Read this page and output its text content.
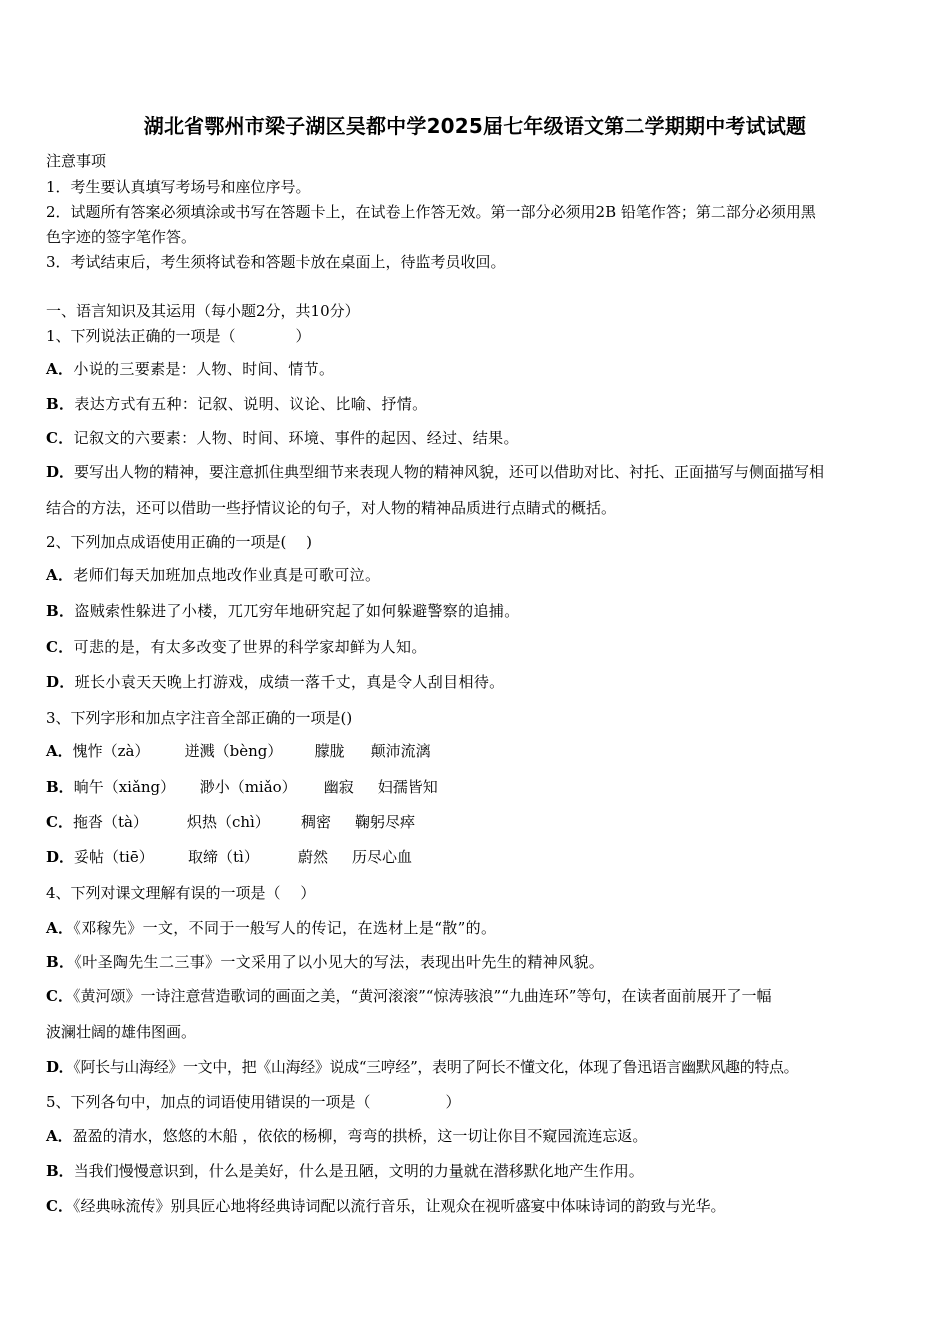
湖北省鄂州市梁子湖区吴都中学2025届七年级语文第二学期期中考试试题
注意事项
1．考生要认真填写考场号和座位序号。
2．试题所有答案必须填涂或书写在答题卡上，在试卷上作答无效。第一部分必须用2B 铅笔作答；第二部分必须用黑
色字迹的签字笔作答。
3．考试结束后，考生须将试卷和答题卡放在桌面上，待监考员收回。
一、语言知识及其运用（每小题2分，共10分）
1、下列说法正确的一项是（　　　　）
A．小说的三要素是：人物、时间、情节。
B．表达方式有五种：记叙、说明、议论、比喻、抒情。
C．记叙文的六要素：人物、时间、环境、事件的起因、经过、结果。
D．要写出人物的精神，要注意抓住典型细节来表现人物的精神风貌，还可以借助对比、衬托、正面描写与侧面描写相
结合的方法，还可以借助一些抒情议论的句子，对人物的精神品质进行点睛式的概括。
2、下列加点成语使用正确的一项是(　 )
A．老师们每天加班加点地改作业真是可歌可泣。
B．盗贼索性躲进了小楼，兀兀穷年地研究起了如何躲避警察的追捕。
C．可悲的是，有太多改变了世界的科学家却鲜为人知。
D．班长小袁天天晚上打游戏，成绩一落千丈，真是令人刮目相待。
3、下列字形和加点字注音全部正确的一项是()
A．愧怍（zà） 迸溅（bèng） 朦胧 颠沛流漓
B．晌午（xiǎng） 渺小（miǎo） 幽寂 妇孺皆知
C．拖沓（tà）	炽热（chì） 稠密 鞠躬尽瘁
D．妥帖（tiē） 取缔（tì）	蔚然 历尽心血
4、下列对课文理解有误的一项是（　 ）
A．《邓稼先》一文，不同于一般写人的传记，在选材上是“散”的。
B．《叶圣陶先生二三事》一文采用了以小见大的写法，表现出叶先生的精神风貌。
C．《黄河颂》一诗注意营造歌词的画面之美，“黄河滚滚”“惊涛骇浪”“九曲连环”等句，在读者面前展开了一幅
波澜壮阔的雄伟图画。
D．《阿长与山海经》一文中，把《山海经》说成“三哼经”，表明了阿长不懂文化，体现了鲁迅语言幽默风趣的特点。
5、下列各句中，加点的词语使用错误的一项是（　　　　　）
A．盈盈的清水，悠悠的木船 ，依依的杨柳，弯弯的拱桥，这一切让你目不窥园流连忘返。
B．当我们慢慢意识到，什么是美好，什么是丑陋，文明的力量就在潜移默化地产生作用。
C．《经典咏流传》别具匠心地将经典诗词配以流行音乐，让观众在视听盛宴中体味诗词的韵致与光华。
